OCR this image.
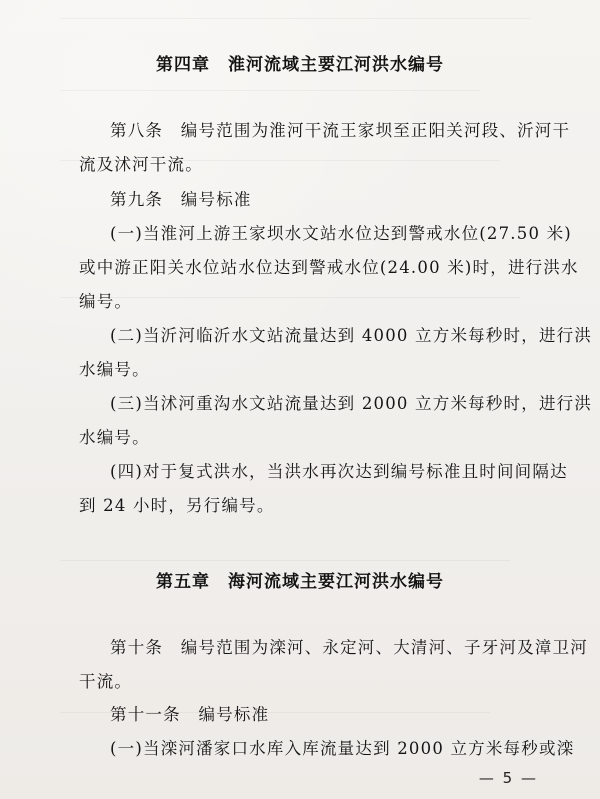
第四章　淮河流域主要江河洪水编号
第八条　编号范围为淮河干流王家坝至正阳关河段、沂河干
流及沭河干流。
第九条　编号标准
(一)当淮河上游王家坝水文站水位达到警戒水位(27.50 米)
或中游正阳关水位站水位达到警戒水位(24.00 米)时，进行洪水
编号。
(二)当沂河临沂水文站流量达到 4000 立方米每秒时，进行洪
水编号。
(三)当沭河重沟水文站流量达到 2000 立方米每秒时，进行洪
水编号。
(四)对于复式洪水，当洪水再次达到编号标准且时间间隔达
到 24 小时，另行编号。
第五章　海河流域主要江河洪水编号
第十条　编号范围为滦河、永定河、大清河、子牙河及漳卫河
干流。
第十一条　编号标准
(一)当滦河潘家口水库入库流量达到 2000 立方米每秒或滦
— 5 —
